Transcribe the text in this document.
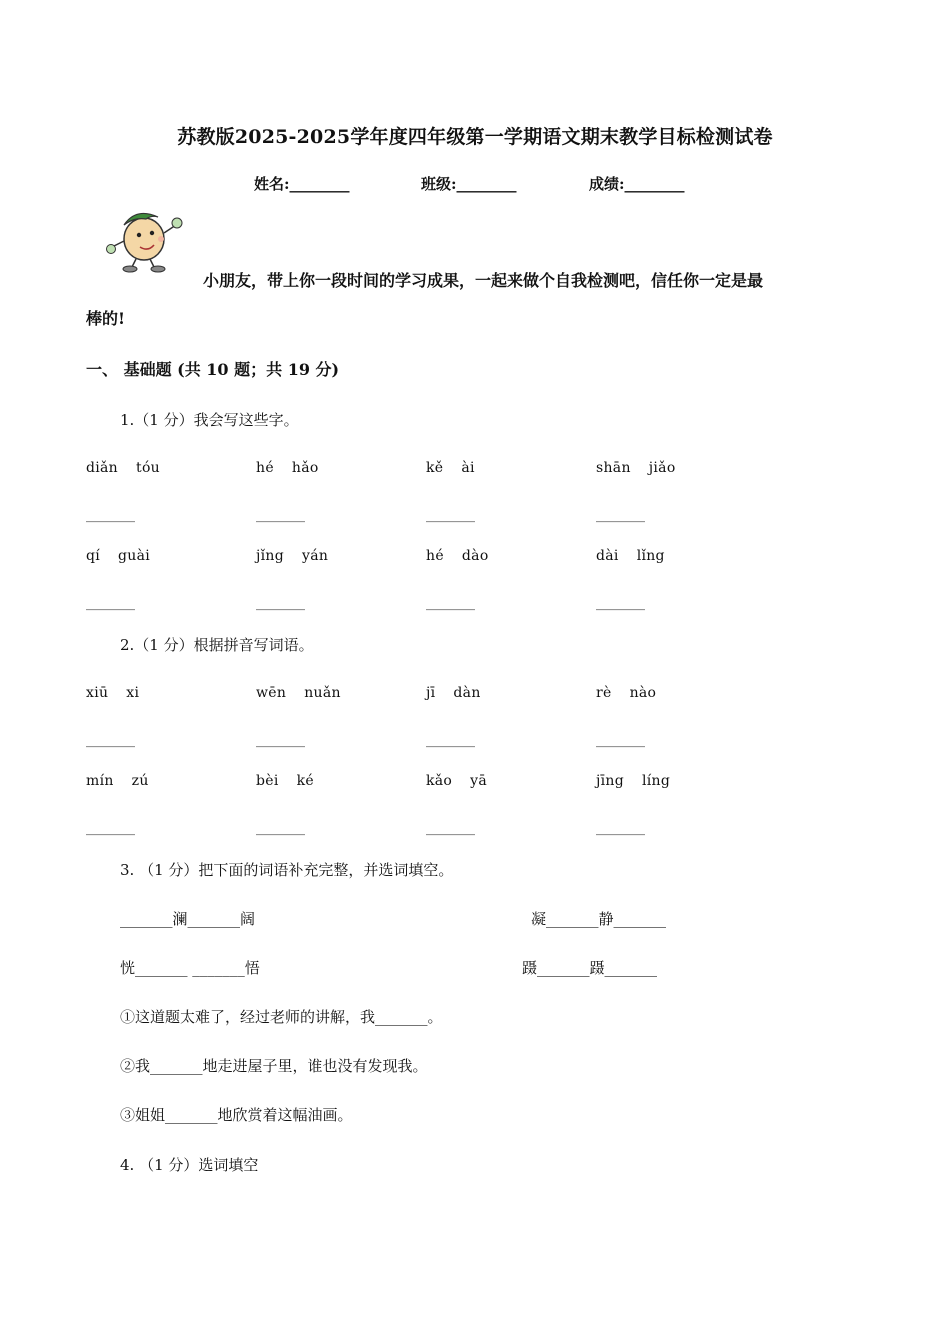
苏教版2025-2025学年度四年级第一学期语文期末教学目标检测试卷
姓名:________	班级:________	成绩:________
小朋友，带上你一段时间的学习成果，一起来做个自我检测吧，信任你一定是最
棒的!
一、 基础题 (共 10 题；共 19 分)
1.（1 分）我会写这些字。
diǎn tóu	hé hǎo	kě ài	shān jiǎo
_______	_______	_______	_______
qí guài	jǐng yán	hé dào	dài lǐng
_______	_______	_______	_______
2.（1 分）根据拼音写词语。
xiū xi	wēn nuǎn	jī dàn	rè nào
_______	_______	_______	_______
mín zú	bèi ké	kǎo yā	jīng líng
_______	_______	_______	_______
3. （1 分）把下面的词语补充完整，并选词填空。
_______澜_______阔	凝_______静_______
恍_______ _______悟	蹑_______蹑_______
①这道题太难了，经过老师的讲解，我_______。
②我_______地走进屋子里，谁也没有发现我。
③姐姐_______地欣赏着这幅油画。
4. （1 分）选词填空
